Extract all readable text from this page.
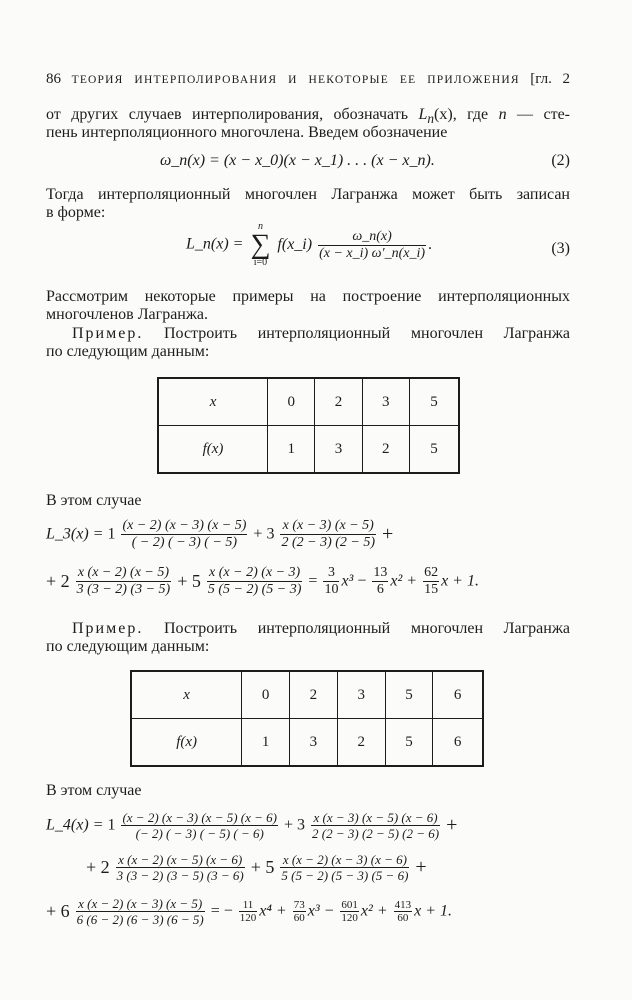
86 ТЕОРИЯ ИНТЕРПОЛИРОВАНИЯ И НЕКОТОРЫЕ ЕЕ ПРИЛОЖЕНИЯ [гл. 2
от других случаев интерполирования, обозначать $L_n(x)$, где n — сте-
пень интерполяционного многочлена. Введем обозначение
ω_n(x) = (x − x_0)(x − x_1) . . . (x − x_n).	(2)
Тогда интерполяционный многочлен Лагранжа может быть записан
в форме:
L_n(x) =
n
∑
i=0
f(x_i) $\frac{\omega\_n(x)}{(x - x\_i) \omega'\_n(x\_i)}$ .	(3)
Рассмотрим некоторые примеры на построение интерполяционных
многочленов Лагранжа.
Пример. Построить интерполяционный многочлен Лагранжа
по следующим данным:
x	0	2	3	5
f(x)	1	3	2	5
В этом случае
L_3(x) = $1 \frac{(x - 2) (x - 3) (x - 5)}{( - 2) ( - 3) ( - 5)} + 3 \frac{x (x - 3) (x - 5)}{2 (2 - 3) (2 - 5)}$ +
+ $2 \frac{x (x - 2) (x - 5)}{3 (3 - 2) (3 - 5)} + 5 \frac{x (x - 2) (x - 3)}{5 (5 - 2) (5 - 3)} = \frac{3}{10} x^3 - \frac{13}{6} x^2 + \frac{62}{15}$ x + 1.
Пример. Построить интерполяционный многочлен Лагранжа
по следующим данным:
x	0	2	3	5	6
f(x)	1	3	2	5	6
В этом случае
L_4(x) = $1 \frac{(x - 2) (x - 3) (x - 5) (x - 6)}{(- 2) ( - 3) ( - 5) ( - 6)} + 3 \frac{x (x - 3) (x - 5) (x - 6)}{2 (2 - 3) (2 - 5) (2 - 6)}$ +
+ $2 \frac{x (x - 2) (x - 5) (x - 6)}{3 (3 - 2) (3 - 5) (3 - 6)} + 5 \frac{x (x - 2) (x - 3) (x - 6)}{5 (5 - 2) (5 - 3) (5 - 6)}$ +
+ $6 \frac{x (x - 2) (x - 3) (x - 5)}{6 (6 - 2) (6 - 3) (6 - 5)}$ = − $\frac{11}{120} x^4 + \frac{73}{60} x^3 - \frac{601}{120} x^2 + \frac{413}{60}$ x + 1.
